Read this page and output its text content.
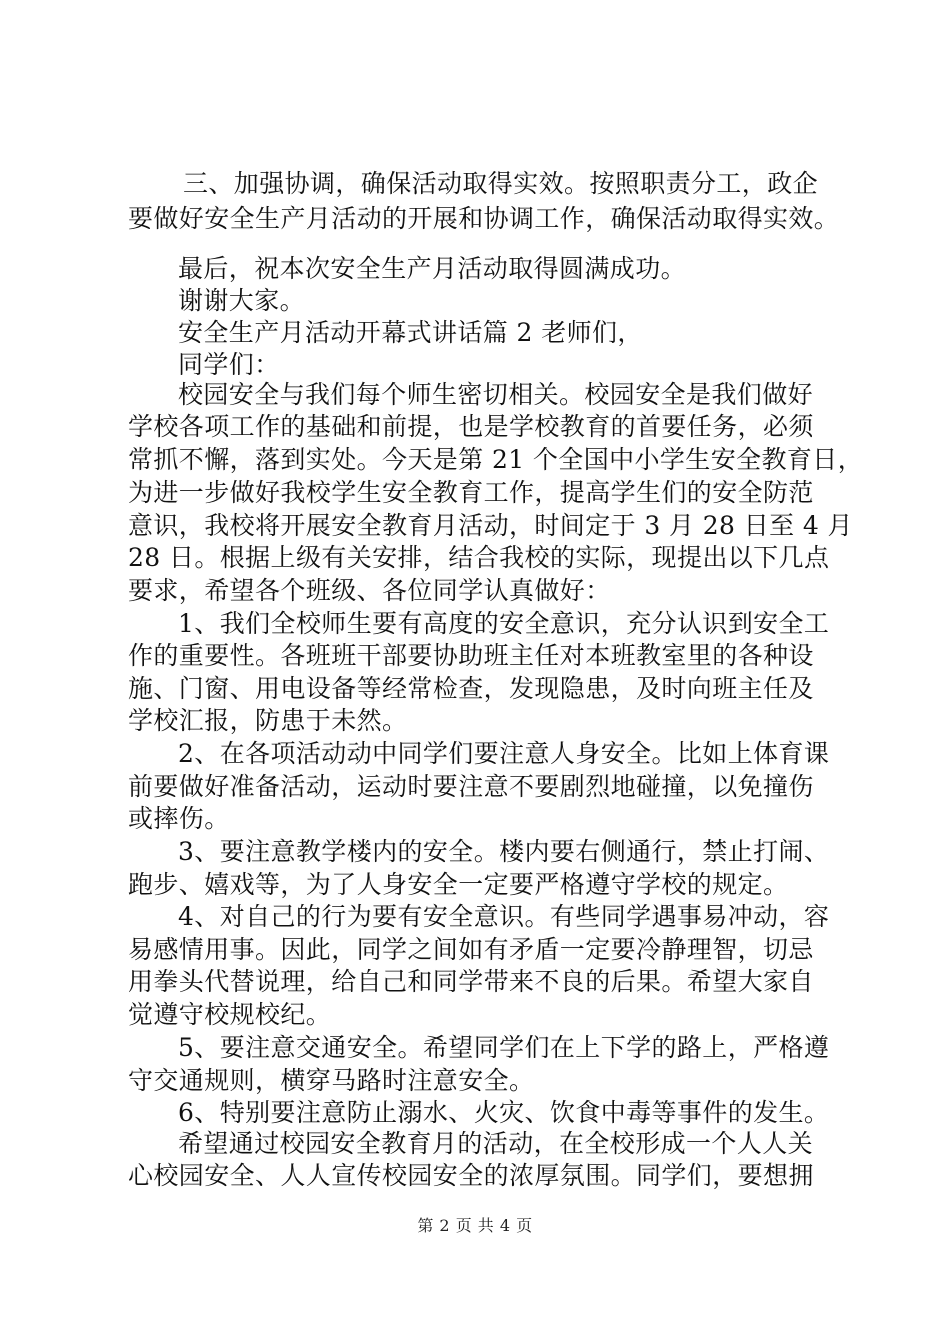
三、加强协调，确保活动取得实效。按照职责分工，政企
要做好安全生产月活动的开展和协调工作，确保活动取得实效。
最后，祝本次安全生产月活动取得圆满成功。
谢谢大家。
安全生产月活动开幕式讲话篇 2 老师们，
同学们：
校园安全与我们每个师生密切相关。校园安全是我们做好
学校各项工作的基础和前提，也是学校教育的首要任务，必须
常抓不懈，落到实处。今天是第 21 个全国中小学生安全教育日，
为进一步做好我校学生安全教育工作，提高学生们的安全防范
意识，我校将开展安全教育月活动，时间定于 3 月 28 日至 4 月
28 日。根据上级有关安排，结合我校的实际，现提出以下几点
要求，希望各个班级、各位同学认真做好：
1、我们全校师生要有高度的安全意识，充分认识到安全工
作的重要性。各班班干部要协助班主任对本班教室里的各种设
施、门窗、用电设备等经常检查，发现隐患，及时向班主任及
学校汇报，防患于未然。
2、在各项活动动中同学们要注意人身安全。比如上体育课
前要做好准备活动，运动时要注意不要剧烈地碰撞，以免撞伤
或摔伤。
3、要注意教学楼内的安全。楼内要右侧通行，禁止打闹、
跑步、嬉戏等，为了人身安全一定要严格遵守学校的规定。
4、对自己的行为要有安全意识。有些同学遇事易冲动，容
易感情用事。因此，同学之间如有矛盾一定要冷静理智，切忌
用拳头代替说理，给自己和同学带来不良的后果。希望大家自
觉遵守校规校纪。
5、要注意交通安全。希望同学们在上下学的路上，严格遵
守交通规则，横穿马路时注意安全。
6、特别要注意防止溺水、火灾、饮食中毒等事件的发生。
希望通过校园安全教育月的活动，在全校形成一个人人关
心校园安全、人人宣传校园安全的浓厚氛围。同学们，要想拥
第 2 页 共 4 页
